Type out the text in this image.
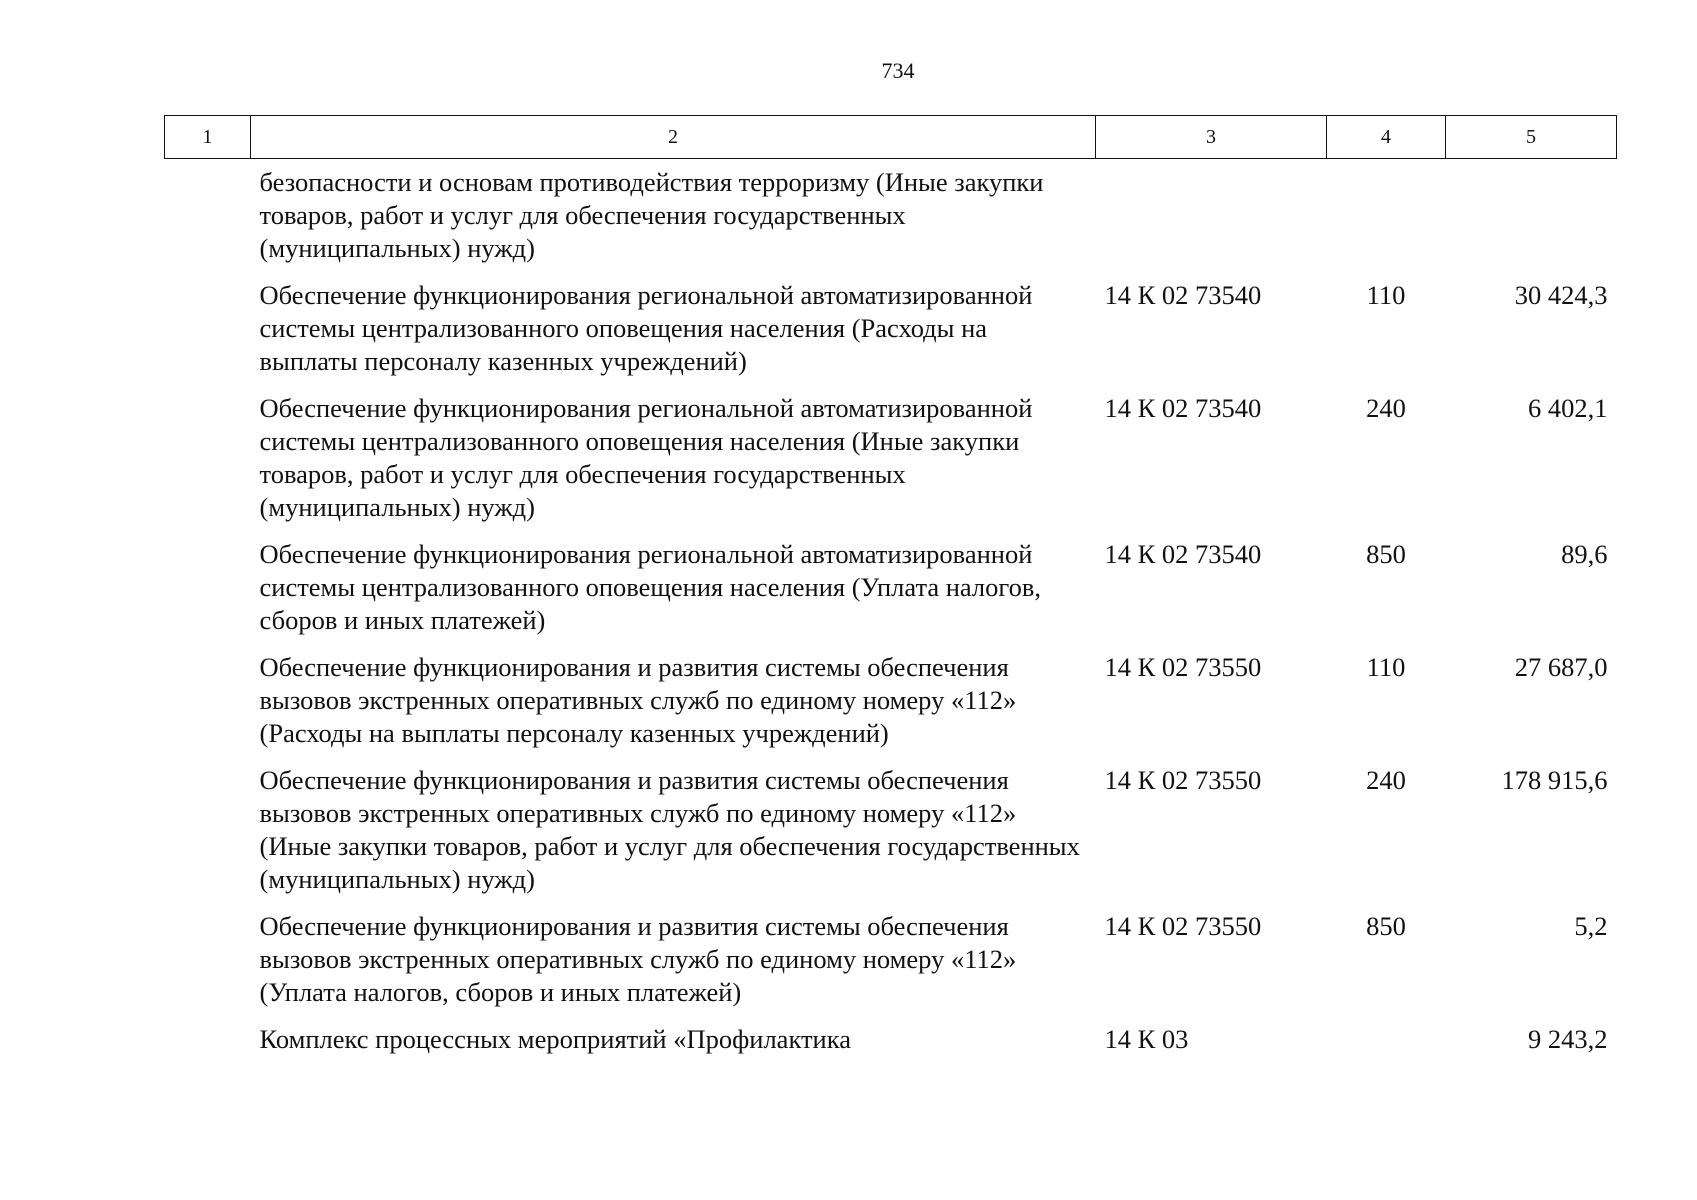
734
1	2	3	4	5
	безопасности и основам противодействия терроризму (Иные закупки товаров, работ и услуг для обеспечения государственных (муниципальных) нужд)			
	Обеспечение функционирования региональной автоматизированной системы централизованного оповещения населения (Расходы на выплаты персоналу казенных учреждений)	14 К 02 73540	110	30 424,3
	Обеспечение функционирования региональной автоматизированной системы централизованного оповещения населения (Иные закупки товаров, работ и услуг для обеспечения государственных (муниципальных) нужд)	14 К 02 73540	240	6 402,1
	Обеспечение функционирования региональной автоматизированной системы централизованного оповещения населения (Уплата налогов, сборов и иных платежей)	14 К 02 73540	850	89,6
	Обеспечение функционирования и развития системы обеспечения вызовов экстренных оперативных служб по единому номеру «112» (Расходы на выплаты персоналу казенных учреждений)	14 К 02 73550	110	27 687,0
	Обеспечение функционирования и развития системы обеспечения вызовов экстренных оперативных служб по единому номеру «112» (Иные закупки товаров, работ и услуг для обеспечения государственных (муниципальных) нужд)	14 К 02 73550	240	178 915,6
	Обеспечение функционирования и развития системы обеспечения вызовов экстренных оперативных служб по единому номеру «112» (Уплата налогов, сборов и иных платежей)	14 К 02 73550	850	5,2
	Комплекс процессных мероприятий «Профилактика	14 К 03		9 243,2
